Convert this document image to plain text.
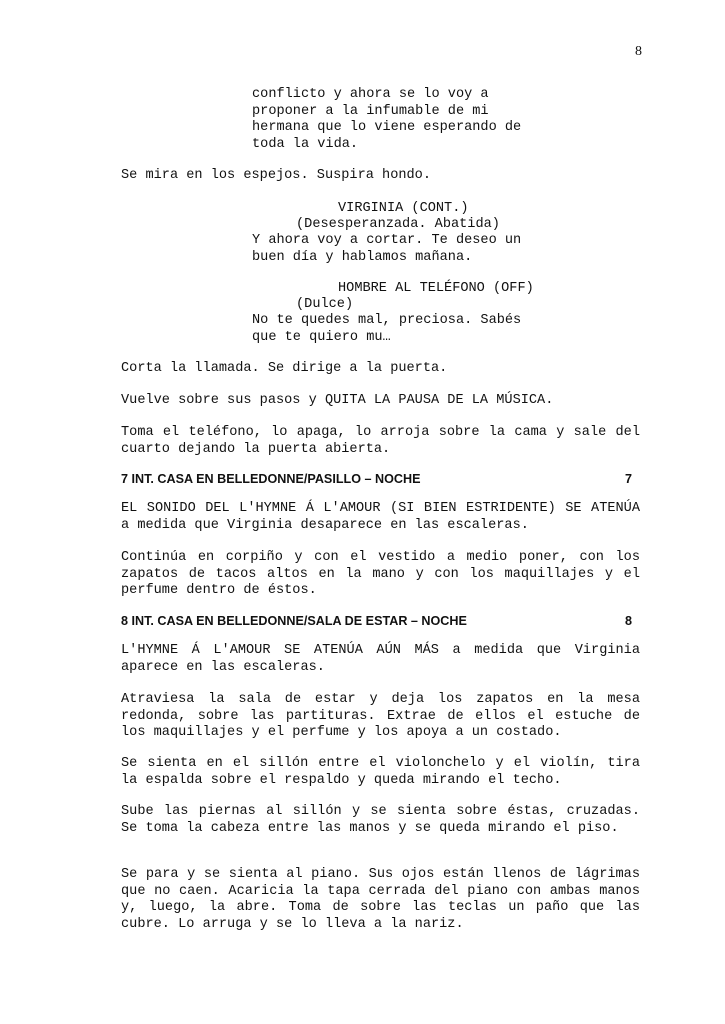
8
conflicto y ahora se lo voy a
proponer a la infumable de mi
hermana que lo viene esperando de
toda la vida.

Se mira en los espejos. Suspira hondo.

VIRGINIA (CONT.)
(Desesperanzada. Abatida)
Y ahora voy a cortar. Te deseo un
buen día y hablamos mañana.
HOMBRE AL TELÉFONO (OFF)
(Dulce)
No te quedes mal, preciosa. Sabés
que te quiero mu…

Corta la llamada. Se dirige a la puerta.

Vuelve sobre sus pasos y QUITA LA PAUSA DE LA MÚSICA.

Toma el teléfono, lo apaga, lo arroja sobre la cama y sale del cuarto dejando la puerta abierta.

7 INT. CASA EN BELLEDONNE/PASILLO – NOCHE	7

EL SONIDO DEL L'HYMNE Á L'AMOUR (SI BIEN ESTRIDENTE) SE ATENÚA a medida que Virginia desaparece en las escaleras.

Continúa en corpiño y con el vestido a medio poner, con los zapatos de tacos altos en la mano y con los maquillajes y el perfume dentro de éstos.

8 INT. CASA EN BELLEDONNE/SALA DE ESTAR – NOCHE	8

L'HYMNE Á L'AMOUR SE ATENÚA AÚN MÁS a medida que Virginia aparece en las escaleras.

Atraviesa la sala de estar y deja los zapatos en la mesa redonda, sobre las partituras. Extrae de ellos el estuche de los maquillajes y el perfume y los apoya a un costado.

Se sienta en el sillón entre el violonchelo y el violín, tira la espalda sobre el respaldo y queda mirando el techo.

Sube las piernas al sillón y se sienta sobre éstas, cruzadas. Se toma la cabeza entre las manos y se queda mirando el piso.

Se para y se sienta al piano. Sus ojos están llenos de lágrimas que no caen. Acaricia la tapa cerrada del piano con ambas manos y, luego, la abre. Toma de sobre las teclas un paño que las cubre. Lo arruga y se lo lleva a la nariz.
